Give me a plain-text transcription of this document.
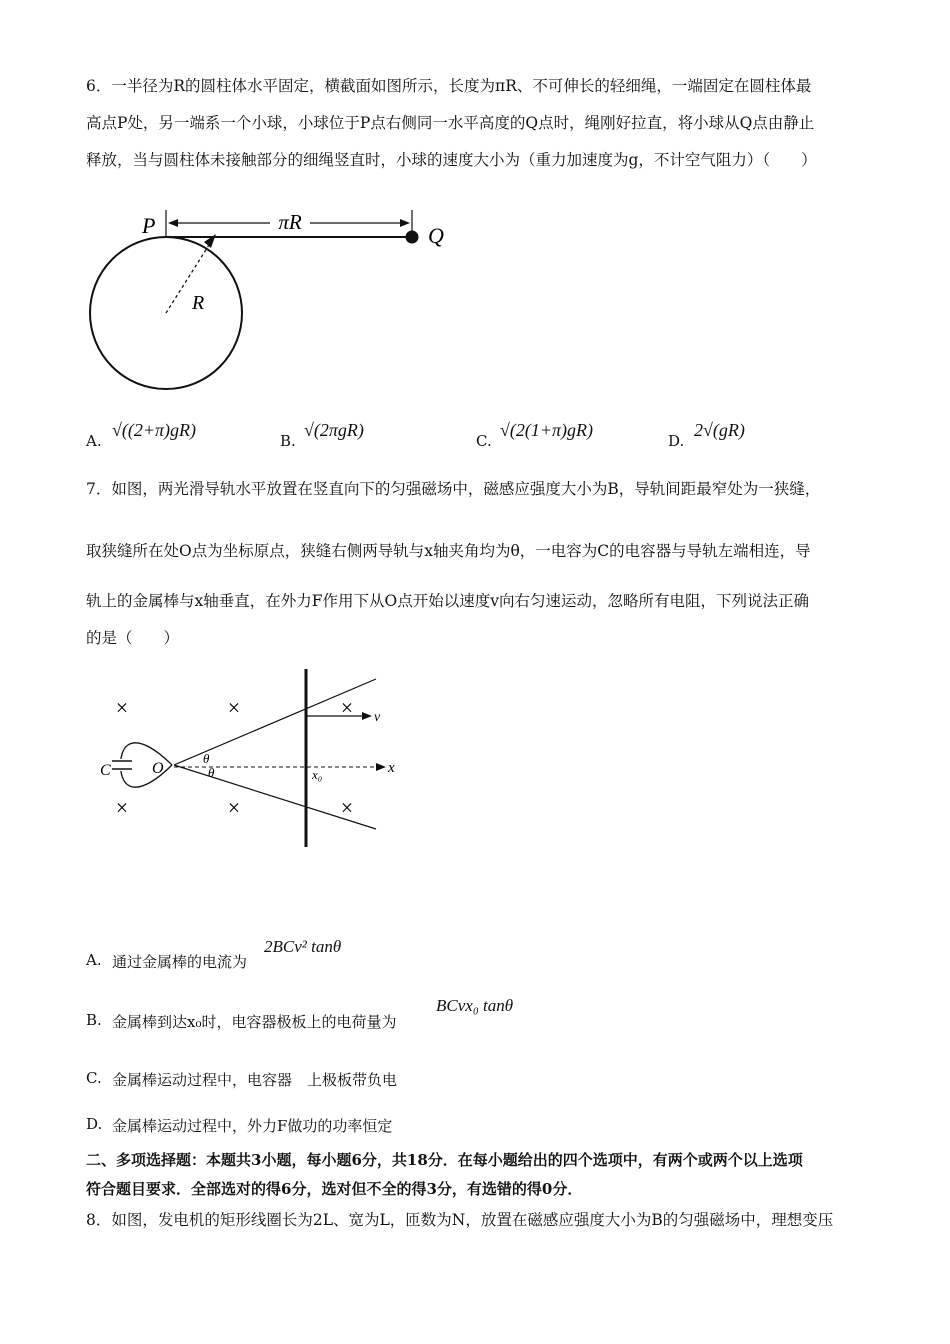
6．一半径为R的圆柱体水平固定，横截面如图所示，长度为πR、不可伸长的轻细绳，一端固定在圆柱体最
高点P处，另一端系一个小球，小球位于P点右侧同一水平高度的Q点时，绳刚好拉直，将小球从Q点由静止
释放，当与圆柱体未接触部分的细绳竖直时，小球的速度大小为（重力加速度为g，不计空气阻力）（　　）
πR
P	Q
R
A.
√((2+π)gR)
B.
√(2πgR)
C.
√(2(1+π)gR)
D.
2√(gR)
7．如图，两光滑导轨水平放置在竖直向下的匀强磁场中，磁感应强度大小为B，导轨间距最窄处为一狭缝，
取狭缝所在处O点为坐标原点，狭缝右侧两导轨与x轴夹角均为θ，一电容为C的电容器与导轨左端相连，导
轨上的金属棒与x轴垂直，在外力F作用下从O点开始以速度v向右匀速运动，忽略所有电阻，下列说法正确
的是（　　）
×	×	×
×	×	×
C	O	x
θ
θ	x₀
v
A. 通过金属棒的电流为
2BCv² tanθ
B. 金属棒到达x₀时，电容器极板上的电荷量为
BCvx₀ tanθ
C. 金属棒运动过程中，电容器　上极板带负电
D. 金属棒运动过程中，外力F做功的功率恒定
二、多项选择题：本题共3小题，每小题6分，共18分．在每小题给出的四个选项中，有两个或两个以上选项
符合题目要求．全部选对的得6分，选对但不全的得3分，有选错的得0分．
8．如图，发电机的矩形线圈长为2L、宽为L，匝数为N，放置在磁感应强度大小为B的匀强磁场中，理想变压
